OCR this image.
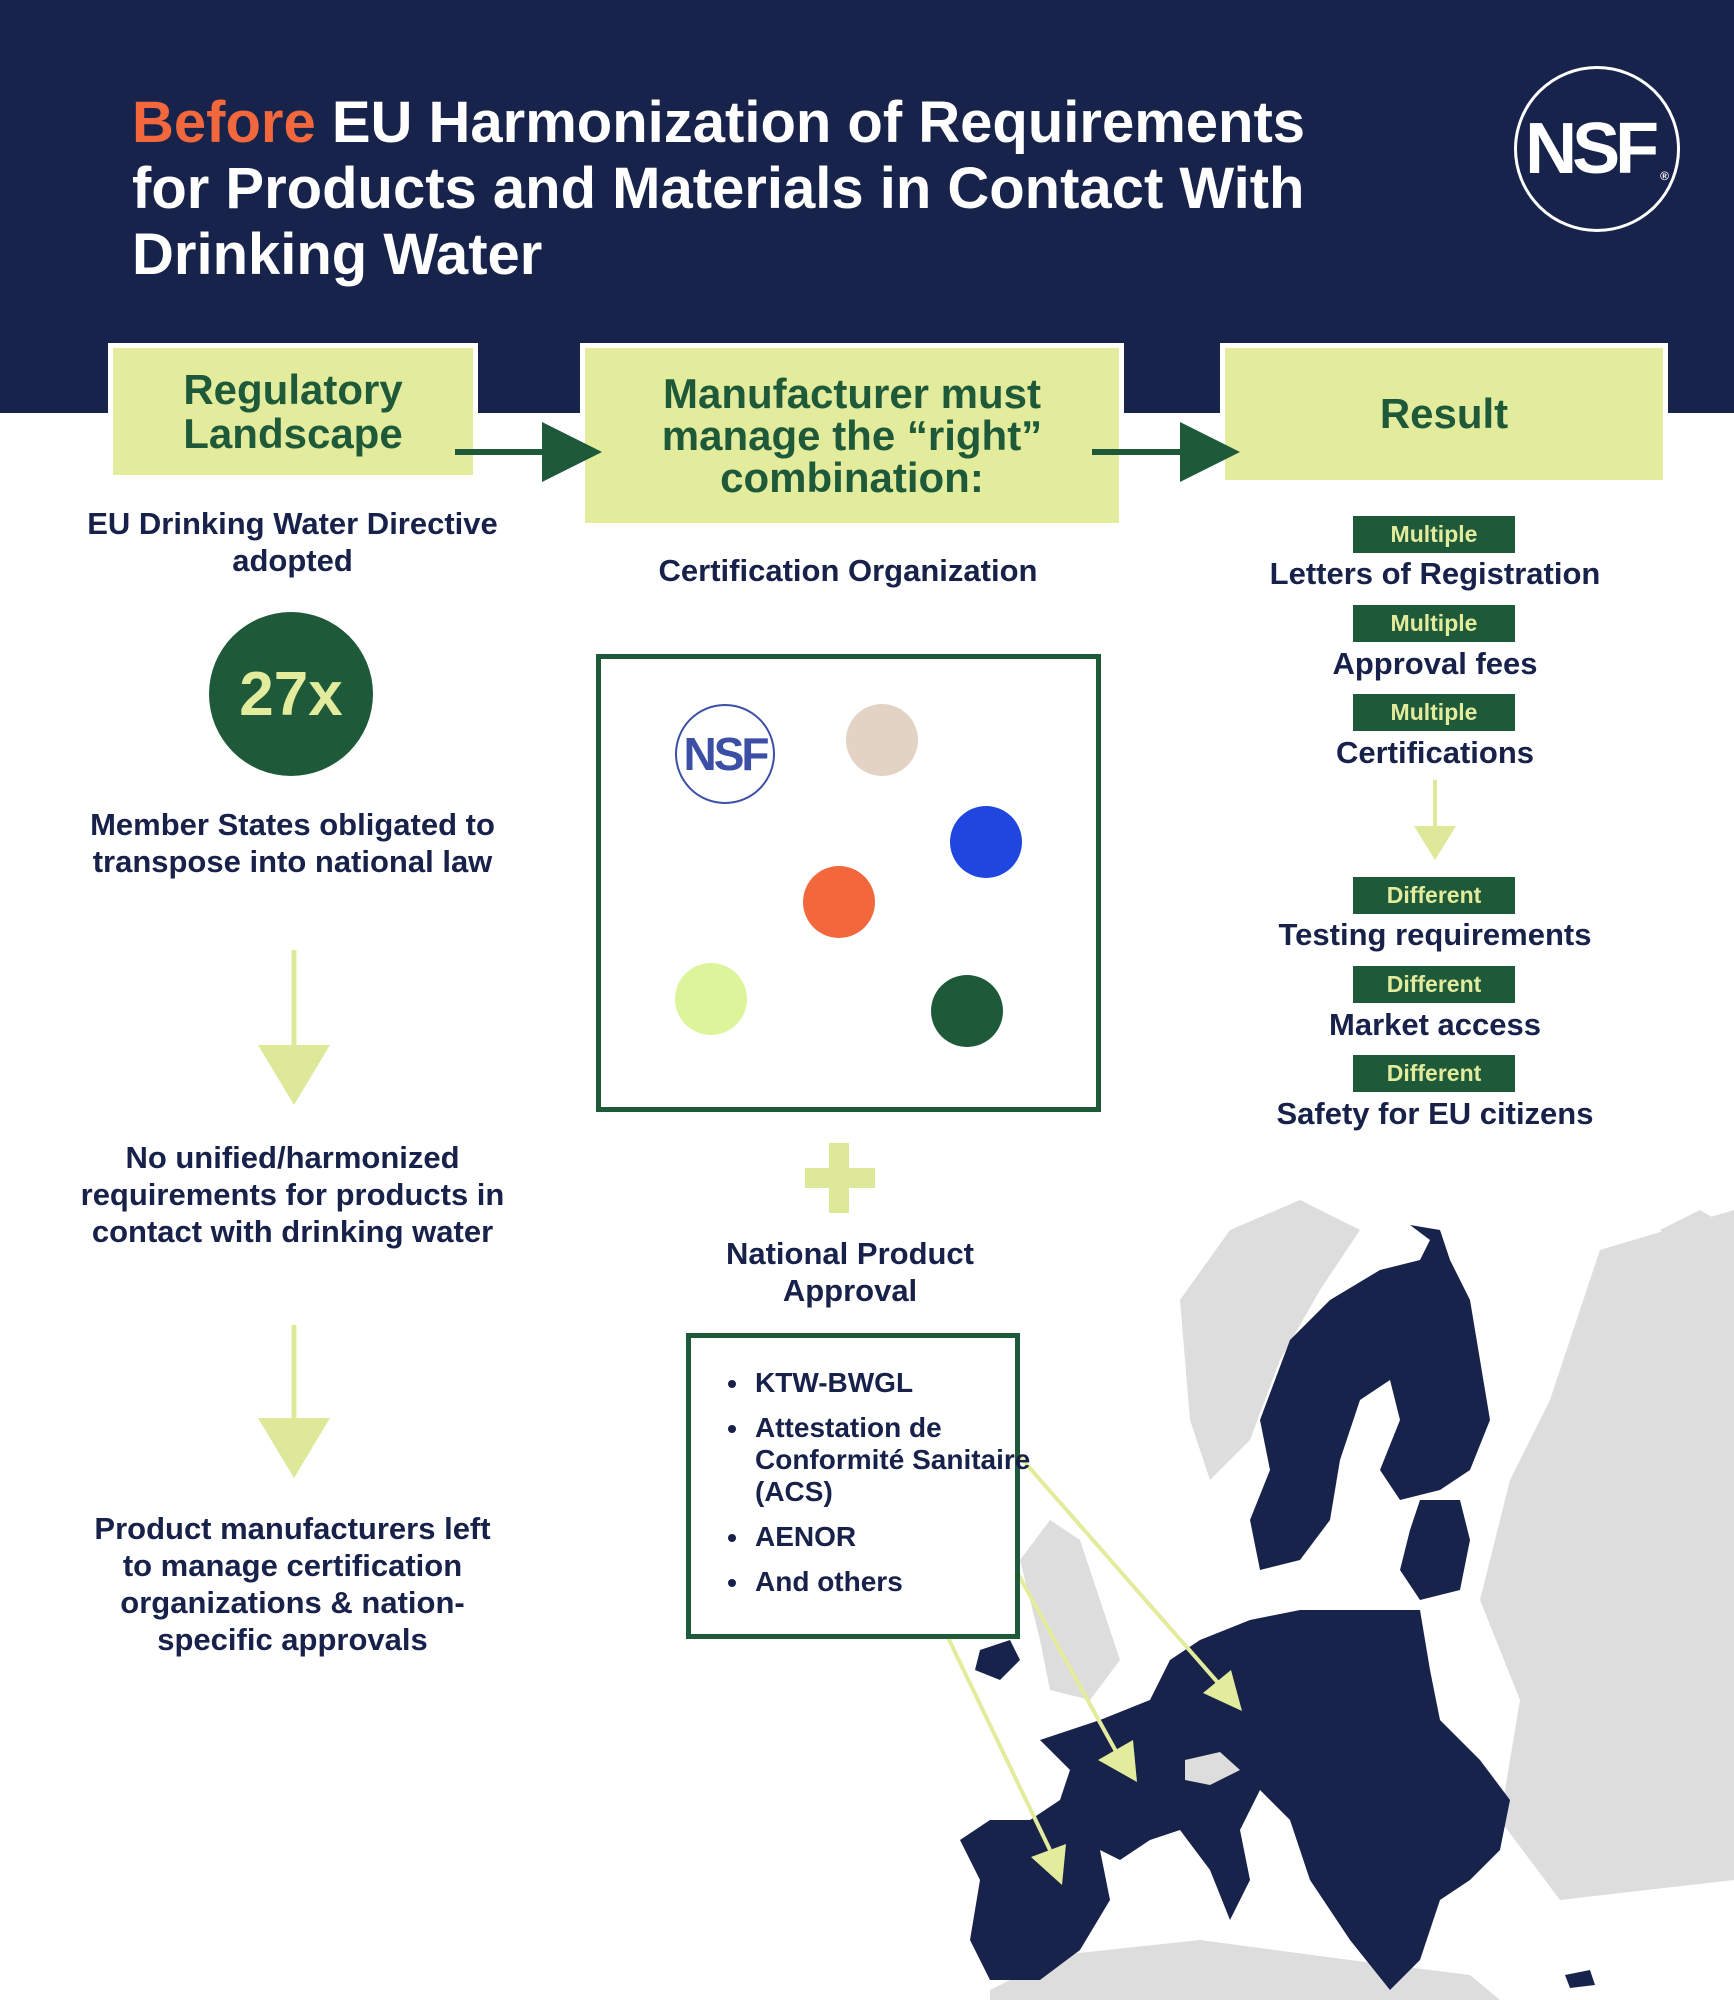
Before EU Harmonization of Requirements for Products and Materials in Contact With Drinking Water
NSF ®
Regulatory Landscape
Manufacturer must manage the “right” combination:
Result
EU Drinking Water Directive adopted
27x
Member States obligated to transpose into national law
No unified/harmonized requirements for products in contact with drinking water
Product manufacturers left to manage certification organizations & nation-specific approvals
Certification Organization
NSF
National Product Approval
KTW-BWGL
Attestation de Conformité Sanitaire (ACS)
AENOR
And others
Multiple
Letters of Registration
Multiple
Approval fees
Multiple
Certifications
Different
Testing requirements
Different
Market access
Different
Safety for EU citizens
